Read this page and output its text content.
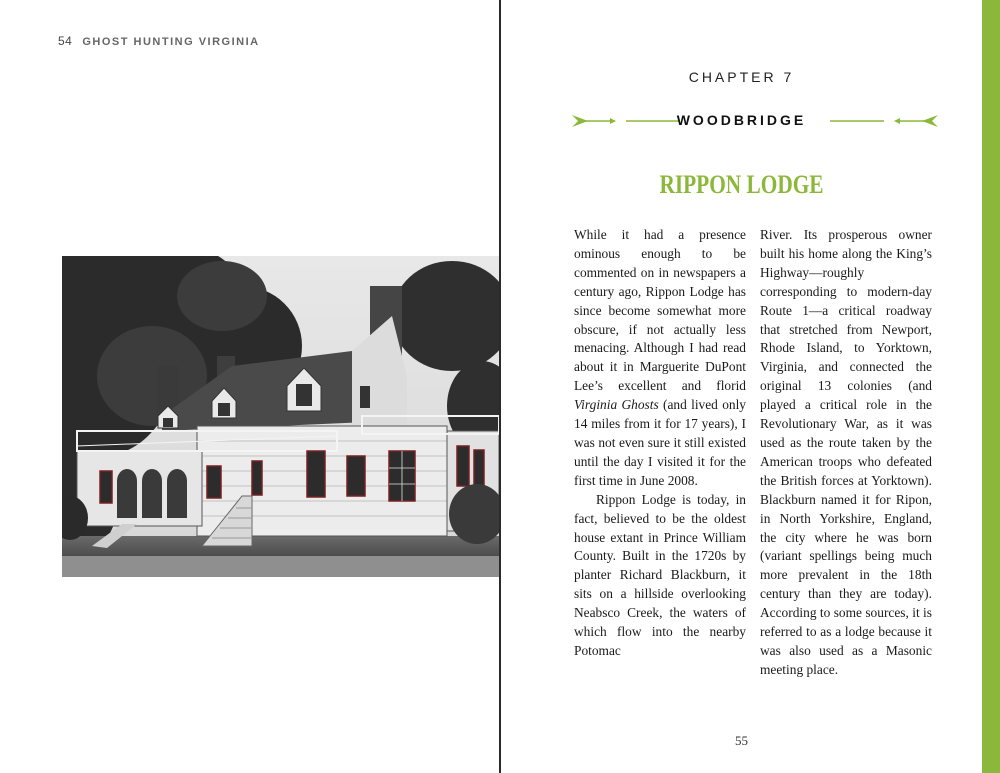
54 GHOST HUNTING VIRGINIA
CHAPTER 7
WOODBRIDGE
RIPPON LODGE

While it had a presence ominous enough to be commented on in newspapers a century ago, Rippon Lodge has since become somewhat more obscure, if not actually less menacing. Although I had read about it in Marguerite DuPont Lee’s excellent and florid Virginia Ghosts (and lived only 14 miles from it for 17 years), I was not even sure it still existed until the day I visited it for the first time in June 2008.

Rippon Lodge is today, in fact, believed to be the oldest house extant in Prince William County. Built in the 1720s by planter Richard Blackburn, it sits on a hillside overlooking Neabsco Creek, the waters of which flow into the nearby Potomac

River. Its prosperous owner built his home along the King’s Highway—roughly corresponding to modern-day Route 1—a critical roadway that stretched from Newport, Rhode Island, to Yorktown, Virginia, and connected the original 13 colonies (and played a critical role in the Revolutionary War, as it was used as the route taken by the American troops who defeated the British forces at Yorktown). Blackburn named it for Ripon, in North Yorkshire, England, the city where he was born (variant spellings being much more prevalent in the 18th century than they are today). According to some sources, it is referred to as a lodge because it was also used as a Masonic meeting place.

55
